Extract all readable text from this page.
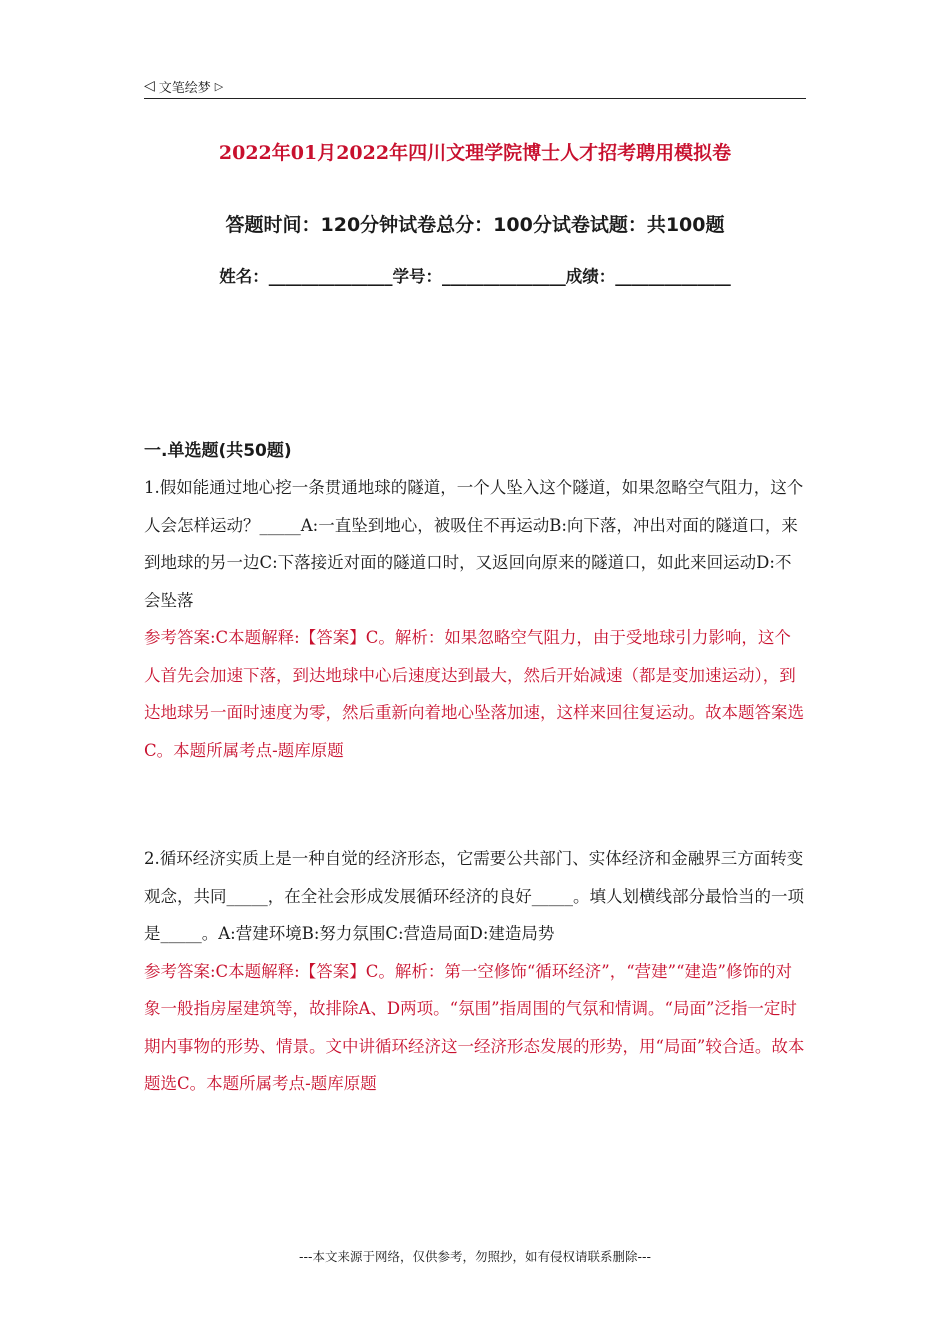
◁ 文笔绘梦 ▷
2022年01月2022年四川文理学院博士人才招考聘用模拟卷
答题时间：120分钟试卷总分：100分试卷试题：共100题
姓名：_______________学号：_______________成绩：______________
一.单选题(共50题)
1.假如能通过地心挖一条贯通地球的隧道，一个人坠入这个隧道，如果忽略空气阻力，这个人会怎样运动？_____A:一直坠到地心，被吸住不再运动B:向下落，冲出对面的隧道口，来到地球的另一边C:下落接近对面的隧道口时，又返回向原来的隧道口，如此来回运动D:不会坠落
参考答案:C本题解释:【答案】C。解析：如果忽略空气阻力，由于受地球引力影响，这个人首先会加速下落，到达地球中心后速度达到最大，然后开始减速（都是变加速运动），到达地球另一面时速度为零，然后重新向着地心坠落加速，这样来回往复运动。故本题答案选C。本题所属考点-题库原题
2.循环经济实质上是一种自觉的经济形态，它需要公共部门、实体经济和金融界三方面转变观念，共同_____，在全社会形成发展循环经济的良好_____。填人划横线部分最恰当的一项是_____。A:营建环境B:努力氛围C:营造局面D:建造局势
参考答案:C本题解释:【答案】C。解析：第一空修饰“循环经济”，“营建”“建造”修饰的对象一般指房屋建筑等，故排除A、D两项。“氛围”指周围的气氛和情调。“局面”泛指一定时期内事物的形势、情景。文中讲循环经济这一经济形态发展的形势，用“局面”较合适。故本题选C。本题所属考点-题库原题
---本文来源于网络，仅供参考，勿照抄，如有侵权请联系删除---
